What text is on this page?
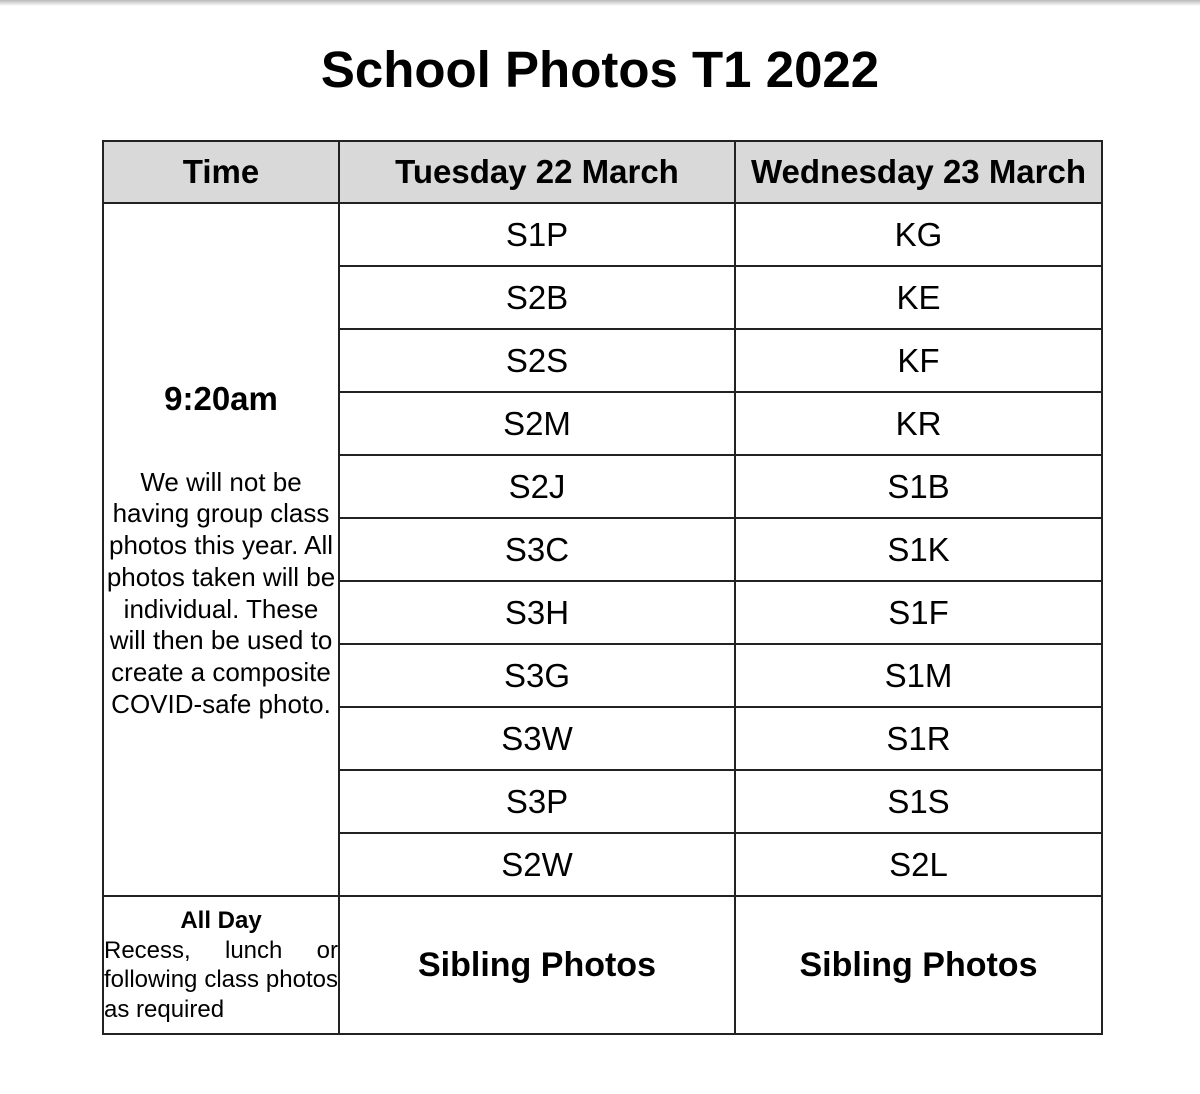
School Photos T1 2022
Time	Tuesday 22 March	Wednesday 23 March

9:20am
We will not be having group class photos this year. All photos taken will be individual. These will then be used to create a composite COVID-safe photo.	S1P	KG
	S2B	KE
	S2S	KF
	S2M	KR
	S2J	S1B
	S3C	S1K
	S3H	S1F
	S3G	S1M
	S3W	S1R
	S3P	S1S
	S2W	S2L

All Day
Recess, lunch or following class photos as required	Sibling Photos	Sibling Photos
